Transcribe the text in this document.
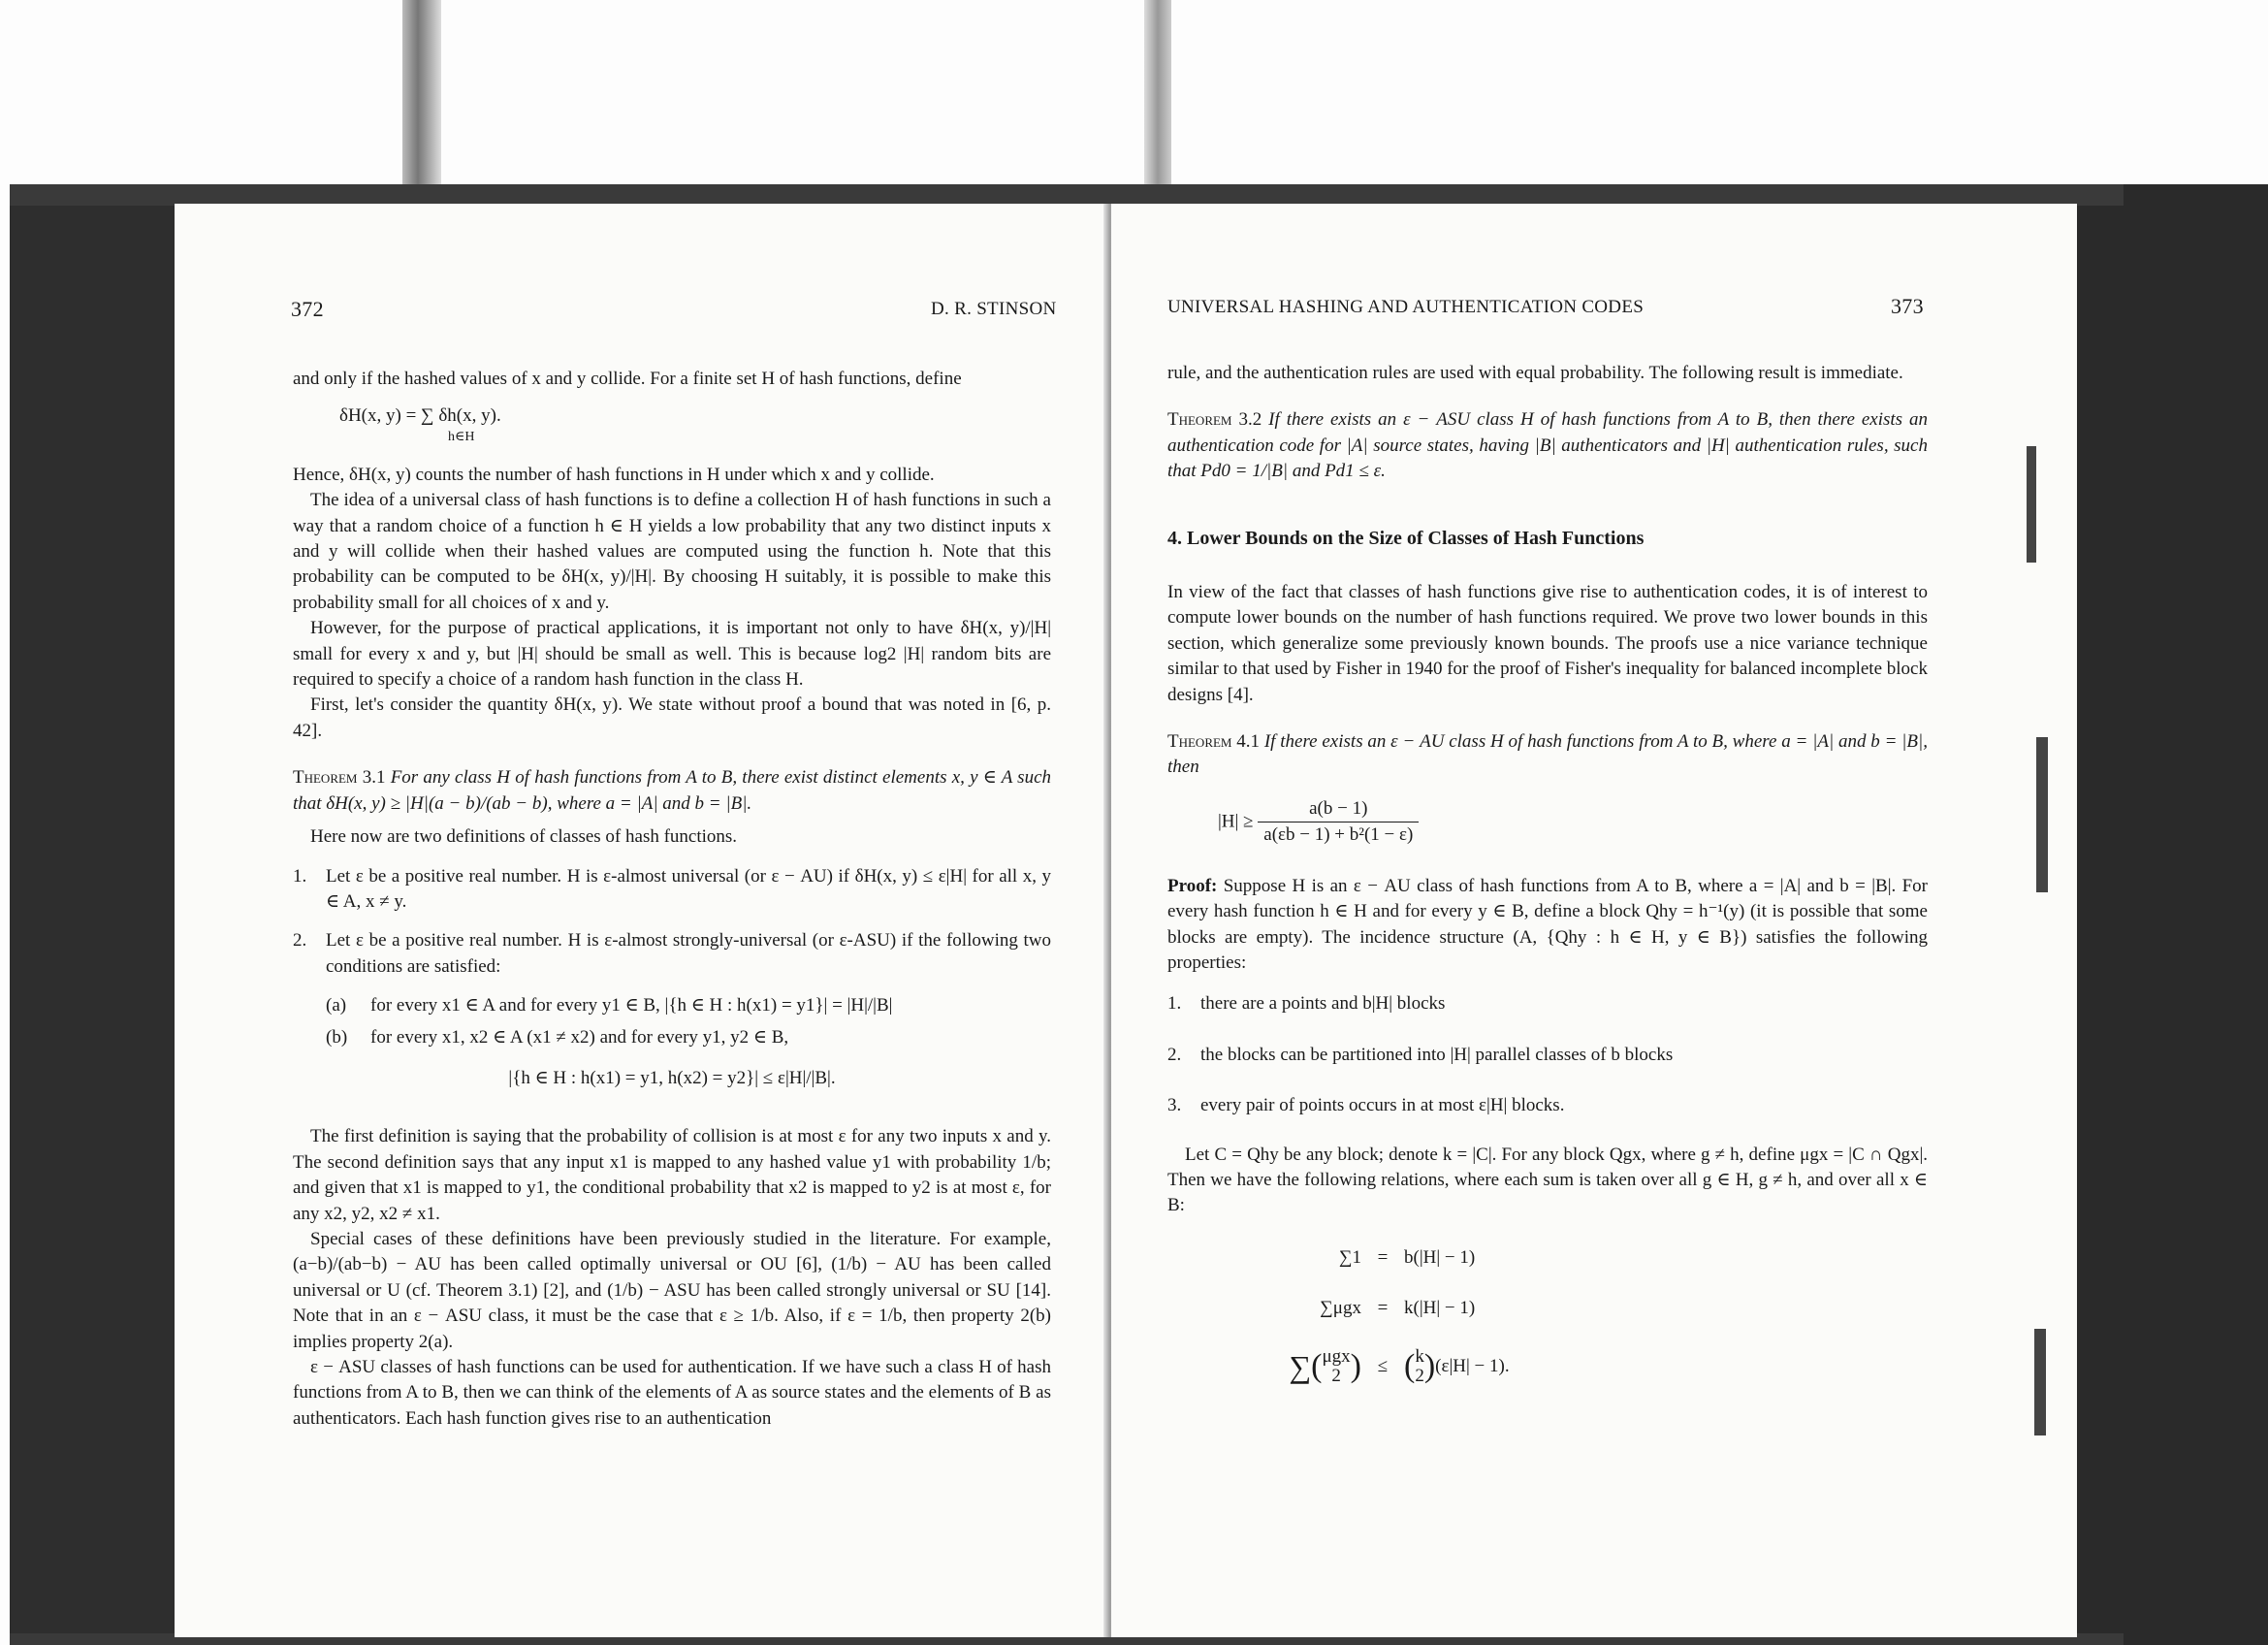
372	D. R. STINSON

and only if the hashed values of x and y collide. For a finite set H of hash functions, define

δH(x, y) = ∑ δh(x, y).
h∈H

Hence, δH(x, y) counts the number of hash functions in H under which x and y collide.

The idea of a universal class of hash functions is to define a collection H of hash functions in such a way that a random choice of a function h ∈ H yields a low probability that any two distinct inputs x and y will collide when their hashed values are computed using the function h. Note that this probability can be computed to be δH(x, y)/|H|. By choosing H suitably, it is possible to make this probability small for all choices of x and y.

However, for the purpose of practical applications, it is important not only to have δH(x, y)/|H| small for every x and y, but |H| should be small as well. This is because log2 |H| random bits are required to specify a choice of a random hash function in the class H.

First, let's consider the quantity δH(x, y). We state without proof a bound that was noted in [6, p. 42].

Theorem 3.1 For any class H of hash functions from A to B, there exist distinct elements x, y ∈ A such that δH(x, y) ≥ |H|(a − b)/(ab − b), where a = |A| and b = |B|.

Here now are two definitions of classes of hash functions.

1. Let ε be a positive real number. H is ε-almost universal (or ε − AU) if δH(x, y) ≤ ε|H| for all x, y ∈ A, x ≠ y.
2. Let ε be a positive real number. H is ε-almost strongly-universal (or ε-ASU) if the following two conditions are satisfied:
(a) for every x1 ∈ A and for every y1 ∈ B, |{h ∈ H : h(x1) = y1}| = |H|/|B|
(b) for every x1, x2 ∈ A (x1 ≠ x2) and for every y1, y2 ∈ B,
|{h ∈ H : h(x1) = y1, h(x2) = y2}| ≤ ε|H|/|B|.

The first definition is saying that the probability of collision is at most ε for any two inputs x and y. The second definition says that any input x1 is mapped to any hashed value y1 with probability 1/b; and given that x1 is mapped to y1, the conditional probability that x2 is mapped to y2 is at most ε, for any x2, y2, x2 ≠ x1.

Special cases of these definitions have been previously studied in the literature. For example, (a−b)/(ab−b) − AU has been called optimally universal or OU [6], (1/b) − AU has been called universal or U (cf. Theorem 3.1) [2], and (1/b) − ASU has been called strongly universal or SU [14]. Note that in an ε − ASU class, it must be the case that ε ≥ 1/b. Also, if ε = 1/b, then property 2(b) implies property 2(a).

ε − ASU classes of hash functions can be used for authentication. If we have such a class H of hash functions from A to B, then we can think of the elements of A as source states and the elements of B as authenticators. Each hash function gives rise to an authentication

UNIVERSAL HASHING AND AUTHENTICATION CODES	373

rule, and the authentication rules are used with equal probability. The following result is immediate.

Theorem 3.2 If there exists an ε − ASU class H of hash functions from A to B, then there exists an authentication code for |A| source states, having |B| authenticators and |H| authentication rules, such that Pd0 = 1/|B| and Pd1 ≤ ε.

4. Lower Bounds on the Size of Classes of Hash Functions

In view of the fact that classes of hash functions give rise to authentication codes, it is of interest to compute lower bounds on the number of hash functions required. We prove two lower bounds in this section, which generalize some previously known bounds. The proofs use a nice variance technique similar to that used by Fisher in 1940 for the proof of Fisher's inequality for balanced incomplete block designs [4].

Theorem 4.1 If there exists an ε − AU class H of hash functions from A to B, where a = |A| and b = |B|, then

$|H| \ge \frac{a(b - 1)}{\text{a(εb − 1) + b²(1 − ε)}}$

Proof: Suppose H is an ε − AU class of hash functions from A to B, where a = |A| and b = |B|. For every hash function h ∈ H and for every y ∈ B, define a block Qhy = h⁻¹(y) (it is possible that some blocks are empty). The incidence structure (A, {Qhy : h ∈ H, y ∈ B}) satisfies the following properties:

1. there are a points and b|H| blocks
2. the blocks can be partitioned into |H| parallel classes of b blocks
3. every pair of points occurs in at most ε|H| blocks.

Let C = Qhy be any block; denote k = |C|. For any block Qgx, where g ≠ h, define μgx = |C ∩ Qgx|. Then we have the following relations, where each sum is taken over all g ∈ H, g ≠ h, and over all x ∈ B:

∑1 = b(|H| − 1)
∑μgx = k(|H| − 1)
∑( μgx
2 ) ≤ ( k
2 )(ε|H| − 1).
